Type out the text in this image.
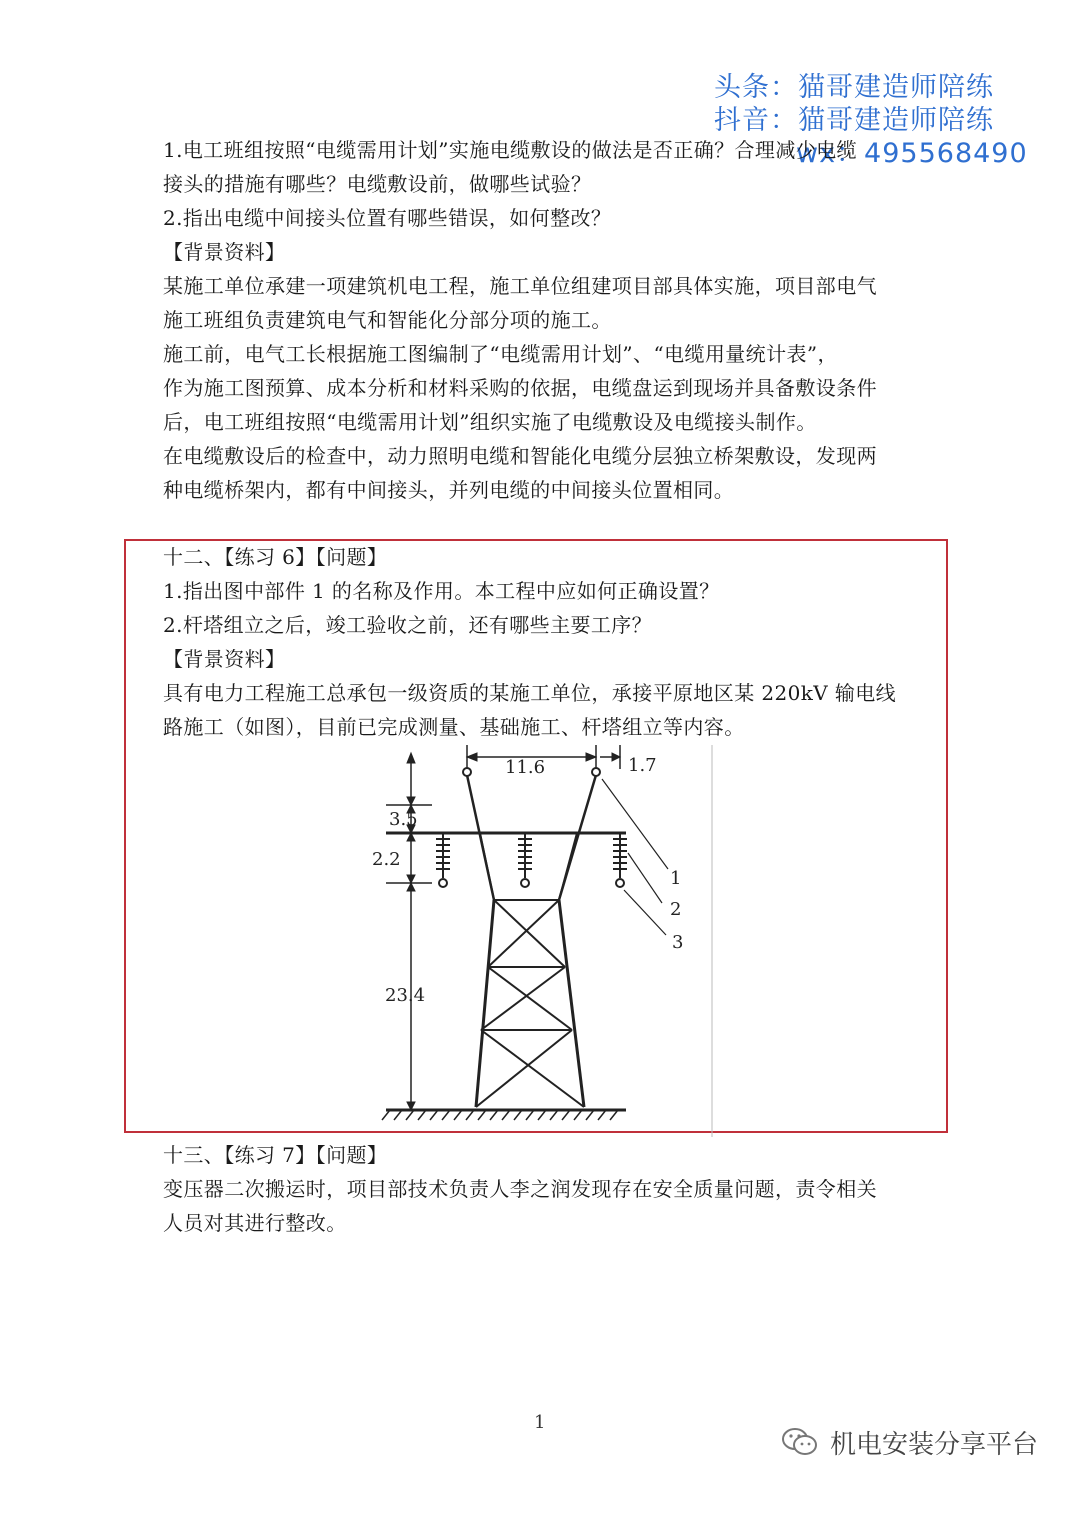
头条：猫哥建造师陪练
抖音：猫哥建造师陪练
wx：495568490
1.电工班组按照“电缆需用计划”实施电缆敷设的做法是否正确？合理减少电缆
接头的措施有哪些？电缆敷设前，做哪些试验？
2.指出电缆中间接头位置有哪些错误，如何整改？
【背景资料】
某施工单位承建一项建筑机电工程，施工单位组建项目部具体实施，项目部电气
施工班组负责建筑电气和智能化分部分项的施工。
施工前，电气工长根据施工图编制了“电缆需用计划”、“电缆用量统计表”，
作为施工图预算、成本分析和材料采购的依据，电缆盘运到现场并具备敷设条件
后，电工班组按照“电缆需用计划”组织实施了电缆敷设及电缆接头制作。
在电缆敷设后的检查中，动力照明电缆和智能化电缆分层独立桥架敷设，发现两
种电缆桥架内，都有中间接头，并列电缆的中间接头位置相同。
十二、【练习 6】【问题】
1.指出图中部件 1 的名称及作用。本工程中应如何正确设置？
2.杆塔组立之后，竣工验收之前，还有哪些主要工序？
【背景资料】
具有电力工程施工总承包一级资质的某施工单位，承接平原地区某 220kV 输电线
路施工（如图），目前已完成测量、基础施工、杆塔组立等内容。
11.6	1.7
3.5
2.2
23.4
1
2
3
十三、【练习 7】【问题】
变压器二次搬运时，项目部技术负责人李之润发现存在安全质量问题，责令相关
人员对其进行整改。
1
机电安装分享平台
